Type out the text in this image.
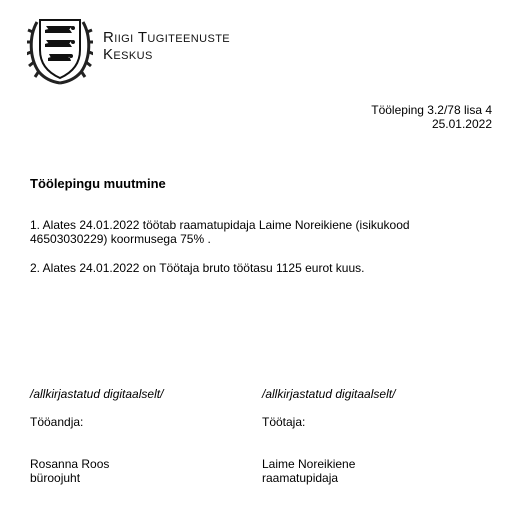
Riigi Tugiteenuste
Keskus
Tööleping 3.2/78 lisa 4
25.01.2022
Töölepingu muutmine
1. Alates 24.01.2022 töötab raamatupidaja Laime Noreikiene (isikukood 46503030229) koormusega 75% .
2. Alates 24.01.2022 on Töötaja bruto töötasu 1125 eurot kuus.
/allkirjastatud digitaalselt/
Tööandja:
Rosanna Roos
büroojuht
/allkirjastatud digitaalselt/
Töötaja:
Laime Noreikiene
raamatupidaja
